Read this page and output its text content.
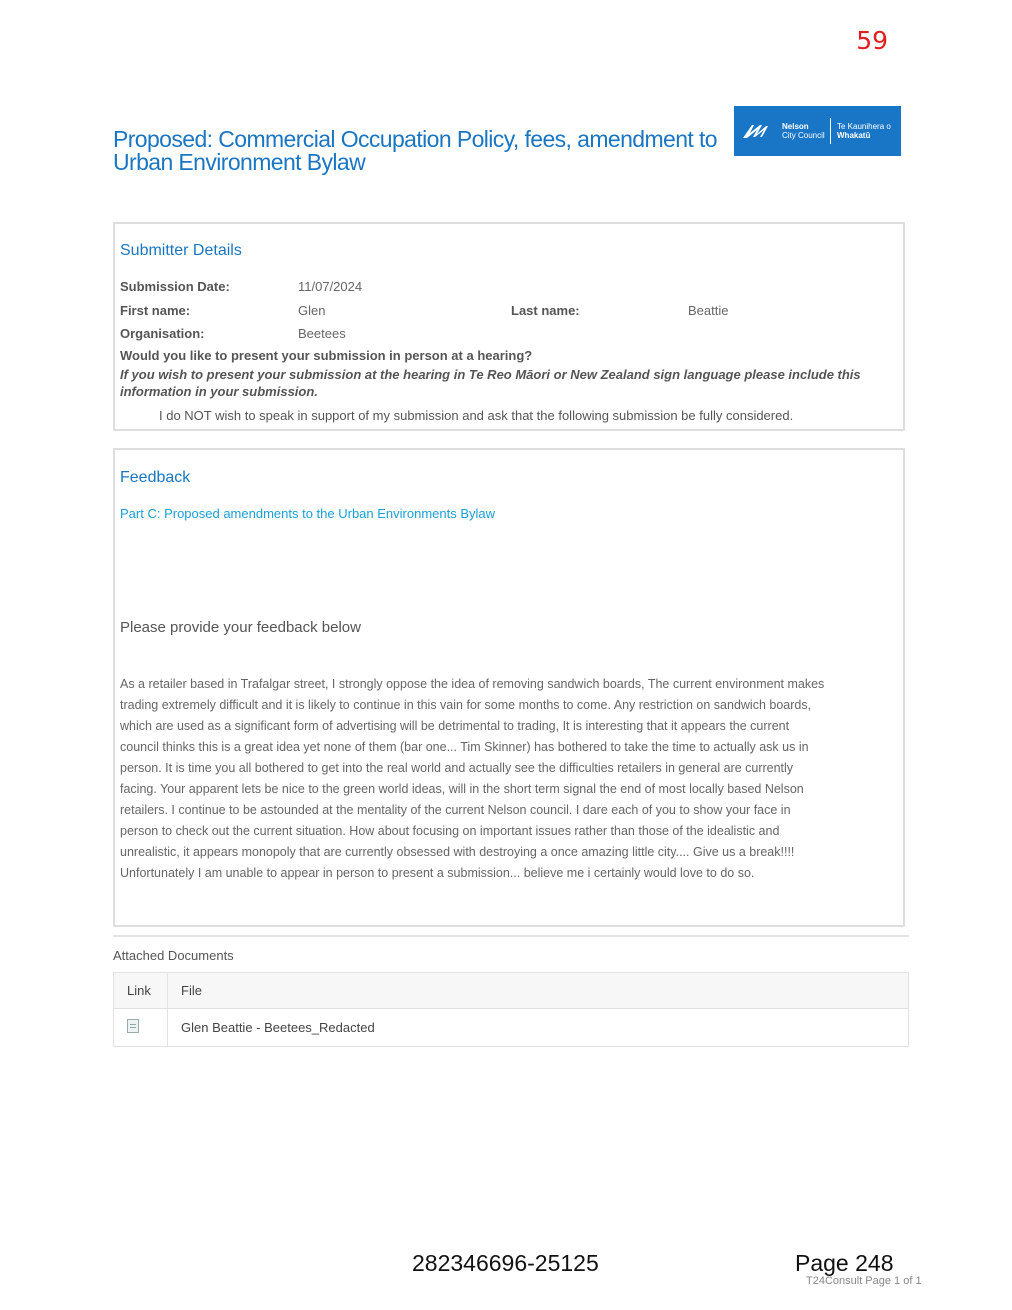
59
Proposed: Commercial Occupation Policy, fees, amendment to Urban Environment Bylaw
Nelson
City Council
Te Kaunihera o
Whakatū
Submitter Details
Submission Date:	11/07/2024
First name:	Glen	Last name:	Beattie
Organisation:	Beetees
Would you like to present your submission in person at a hearing?
If you wish to present your submission at the hearing in Te Reo Māori or New Zealand sign language please include this information in your submission.
I do NOT wish to speak in support of my submission and ask that the following submission be fully considered.
Feedback
Part C: Proposed amendments to the Urban Environments Bylaw
Please provide your feedback below
As a retailer based in Trafalgar street, I strongly oppose the idea of removing sandwich boards, The current environment makes trading extremely difficult and it is likely to continue in this vain for some months to come. Any restriction on sandwich boards, which are used as a significant form of advertising will be detrimental to trading, It is interesting that it appears the current council thinks this is a great idea yet none of them (bar one... Tim Skinner) has bothered to take the time to actually ask us in person. It is time you all bothered to get into the real world and actually see the difficulties retailers in general are currently facing. Your apparent lets be nice to the green world ideas, will in the short term signal the end of most locally based Nelson retailers. I continue to be astounded at the mentality of the current Nelson council. I dare each of you to show your face in person to check out the current situation. How about focusing on important issues rather than those of the idealistic and unrealistic, it appears monopoly that are currently obsessed with destroying a once amazing little city.... Give us a break!!!! Unfortunately I am unable to appear in person to present a submission... believe me i certainly would love to do so.
Attached Documents
Link	File
	Glen Beattie - Beetees_Redacted
282346696-25125	Page 248
T24Consult Page 1 of 1
